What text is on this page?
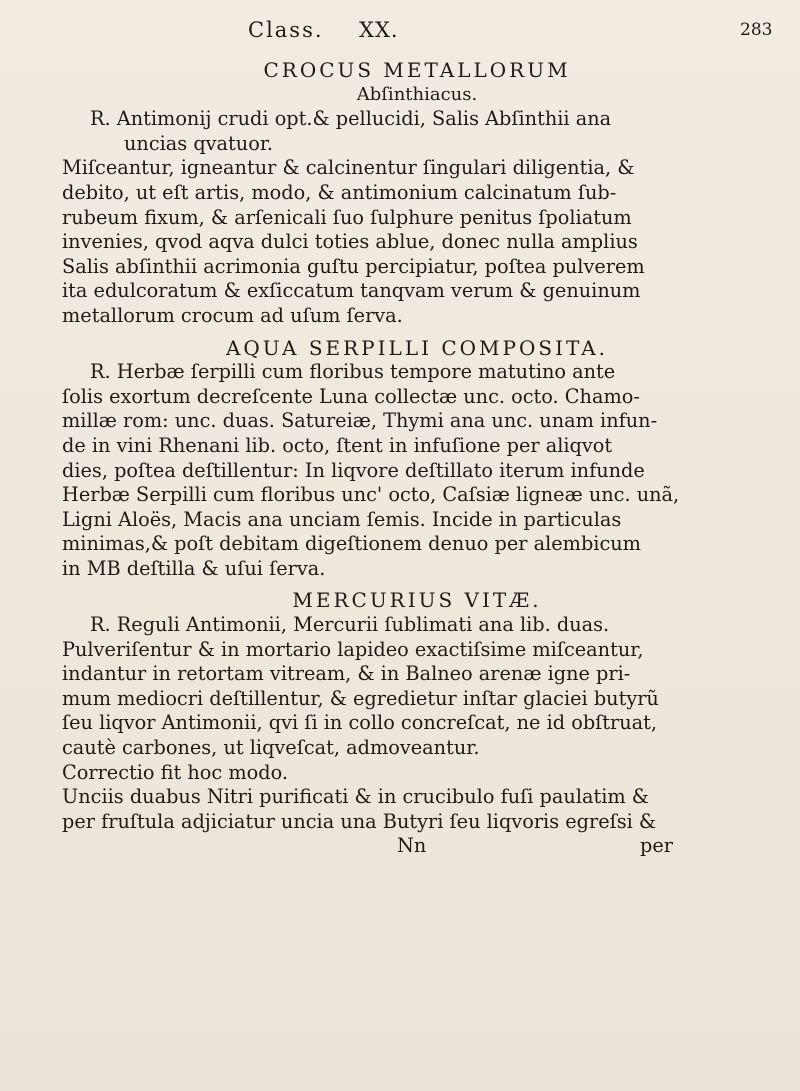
Class. XX.	283

CROCUS METALLORUM

Abſinthiacus.

R. Antimonij crudi opt.& pellucidi, Salis Abſinthii ana

uncias qvatuor.

Miſceantur, igneantur & calcinentur ſingulari diligentia, &

debito, ut eſt artis, modo, & antimonium calcinatum ſub-

rubeum fixum, & arſenicali ſuo ſulphure penitus ſpoliatum

invenies, qvod aqva dulci toties ablue, donec nulla amplius

Salis abſinthii acrimonia guſtu percipiatur, poſtea pulverem

ita edulcoratum & exſiccatum tanqvam verum & genuinum

metallorum crocum ad uſum ſerva.

AQUA SERPILLI COMPOSITA.

R. Herbæ ſerpilli cum floribus tempore matutino ante

ſolis exortum decreſcente Luna collectæ unc. octo. Chamo-

millæ rom: unc. duas. Satureiæ, Thymi ana unc. unam infun-

de in vini Rhenani lib. octo, ſtent in infuſione per aliqvot

dies, poſtea deſtillentur: In liqvore deſtillato iterum infunde

Herbæ Serpilli cum floribus unc' octo, Caſsiæ ligneæ unc. unã,

Ligni Aloës, Macis ana unciam ſemis. Incide in particulas

minimas,& poſt debitam digeſtionem denuo per alembicum

in MB deſtilla & uſui ſerva.

MERCURIUS VITÆ.

R. Reguli Antimonii, Mercurii ſublimati ana lib. duas.

Pulveriſentur & in mortario lapideo exactiſsime miſceantur,

indantur in retortam vitream, & in Balneo arenæ igne pri-

mum mediocri deſtillentur, & egredietur inſtar glaciei butyrũ

ſeu liqvor Antimonii, qvi ſi in collo concreſcat, ne id obſtruat,

cautè carbones, ut liqveſcat, admoveantur.

Correctio fit hoc modo.

Unciis duabus Nitri purificati & in crucibulo fuſi paulatim &

per fruſtula adjiciatur uncia una Butyri ſeu liqvoris egreſsi &

Nn	per
